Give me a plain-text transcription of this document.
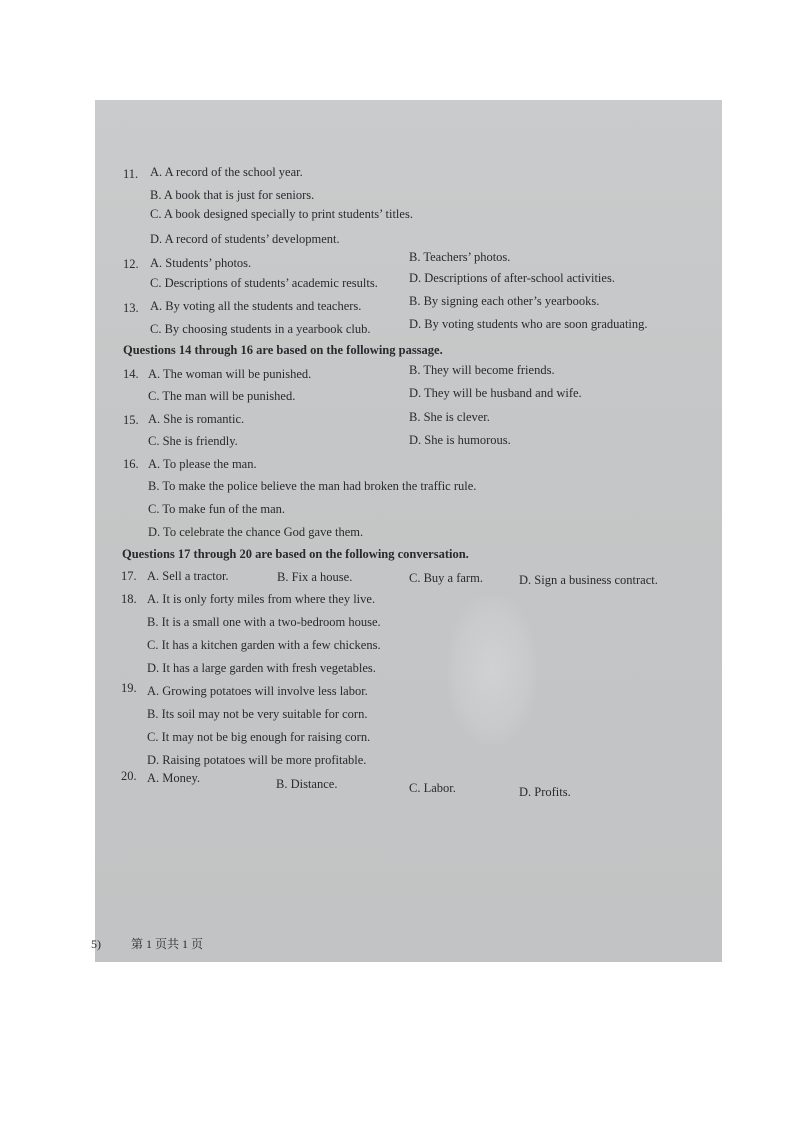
11. A. A record of the school year.
B. A book that is just for seniors.
C. A book designed specially to print students’ titles.
D. A record of students’ development.
12. A. Students’ photos.	B. Teachers’ photos.
C. Descriptions of students’ academic results. D. Descriptions of after-school activities.
13. A. By voting all the students and teachers.	B. By signing each other’s yearbooks.
C. By choosing students in a yearbook club.	D. By voting students who are soon graduating.
Questions 14 through 16 are based on the following passage.
14. A. The woman will be punished.	B. They will become friends.
C. The man will be punished.	D. They will be husband and wife.
15. A. She is romantic.	B. She is clever.
C. She is friendly.	D. She is humorous.
16. A. To please the man.
B. To make the police believe the man had broken the traffic rule.
C. To make fun of the man.
D. To celebrate the chance God gave them.
Questions 17 through 20 are based on the following conversation.
17. A. Sell a tractor.	B. Fix a house.	C. Buy a farm.	D. Sign a business contract.
18. A. It is only forty miles from where they live.
B. It is a small one with a two-bedroom house.
C. It has a kitchen garden with a few chickens.
D. It has a large garden with fresh vegetables.
19. A. Growing potatoes will involve less labor.
B. Its soil may not be very suitable for corn.
C. It may not be big enough for raising corn.
D. Raising potatoes will be more profitable.
20. A. Money.	B. Distance.	C. Labor.	D. Profits.
5)	第 1 页共 1 页
